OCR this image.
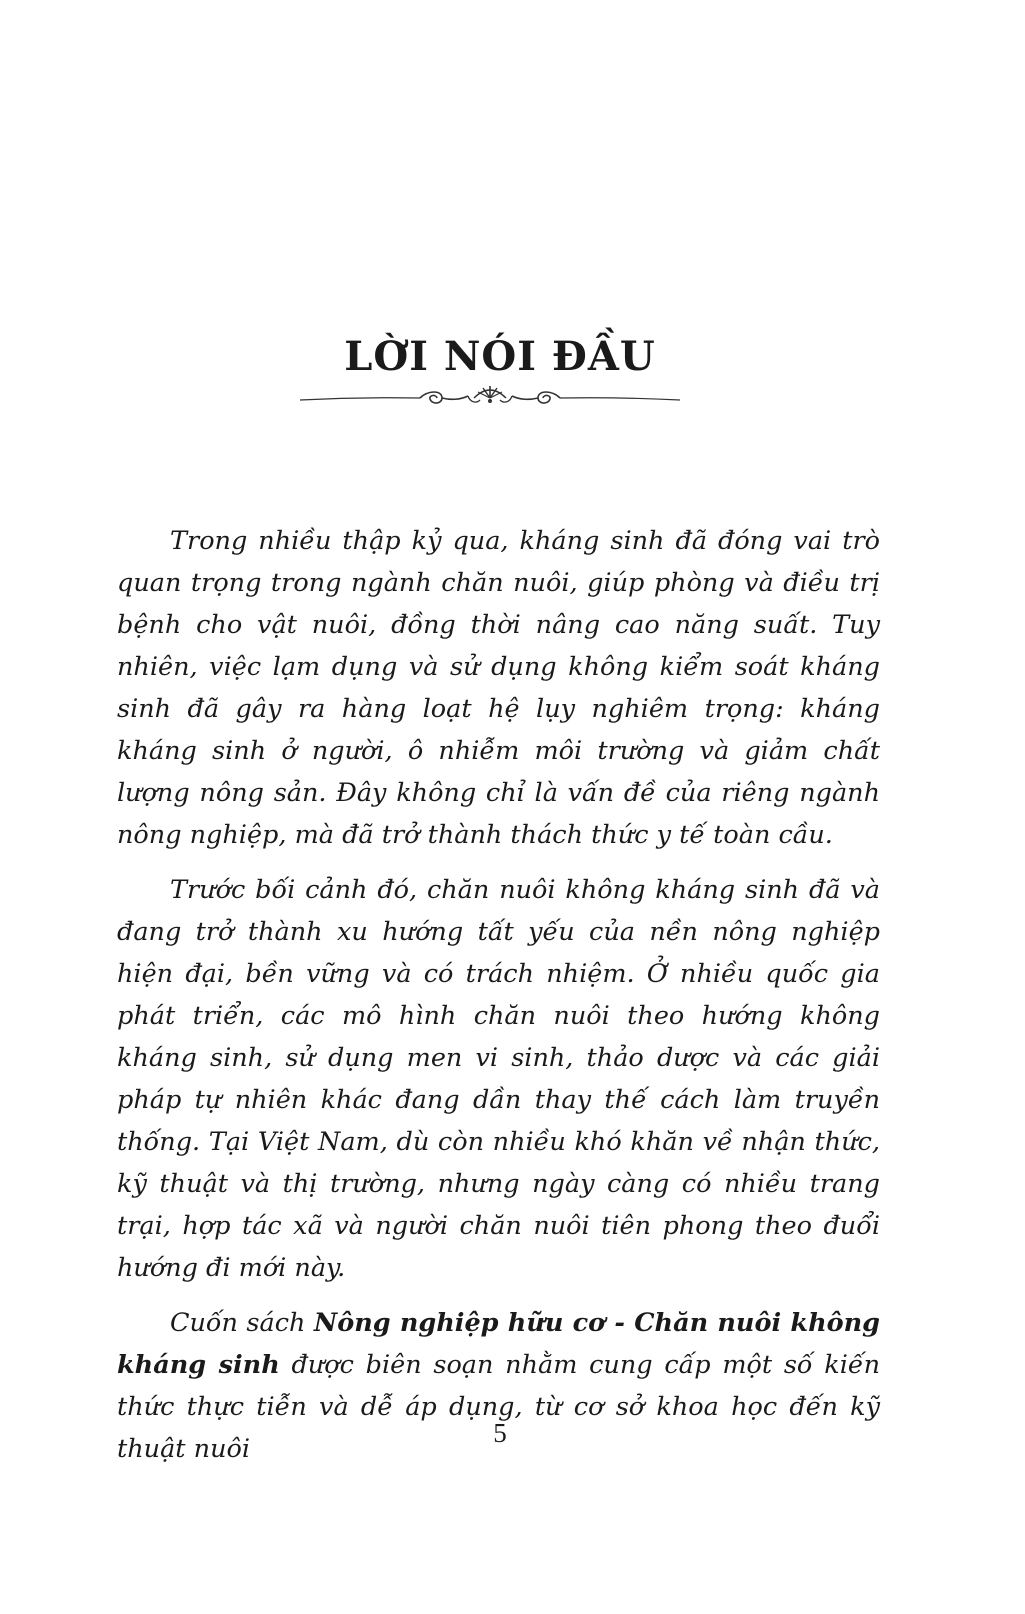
LỜI NÓI ĐẦU

Trong nhiều thập kỷ qua, kháng sinh đã đóng vai trò quan trọng trong ngành chăn nuôi, giúp phòng và điều trị bệnh cho vật nuôi, đồng thời nâng cao năng suất. Tuy nhiên, việc lạm dụng và sử dụng không kiểm soát kháng sinh đã gây ra hàng loạt hệ lụy nghiêm trọng: kháng kháng sinh ở người, ô nhiễm môi trường và giảm chất lượng nông sản. Đây không chỉ là vấn đề của riêng ngành nông nghiệp, mà đã trở thành thách thức y tế toàn cầu.

Trước bối cảnh đó, chăn nuôi không kháng sinh đã và đang trở thành xu hướng tất yếu của nền nông nghiệp hiện đại, bền vững và có trách nhiệm. Ở nhiều quốc gia phát triển, các mô hình chăn nuôi theo hướng không kháng sinh, sử dụng men vi sinh, thảo dược và các giải pháp tự nhiên khác đang dần thay thế cách làm truyền thống. Tại Việt Nam, dù còn nhiều khó khăn về nhận thức, kỹ thuật và thị trường, nhưng ngày càng có nhiều trang trại, hợp tác xã và người chăn nuôi tiên phong theo đuổi hướng đi mới này.

Cuốn sách Nông nghiệp hữu cơ - Chăn nuôi không kháng sinh được biên soạn nhằm cung cấp một số kiến thức thực tiễn và dễ áp dụng, từ cơ sở khoa học đến kỹ thuật nuôi

5
